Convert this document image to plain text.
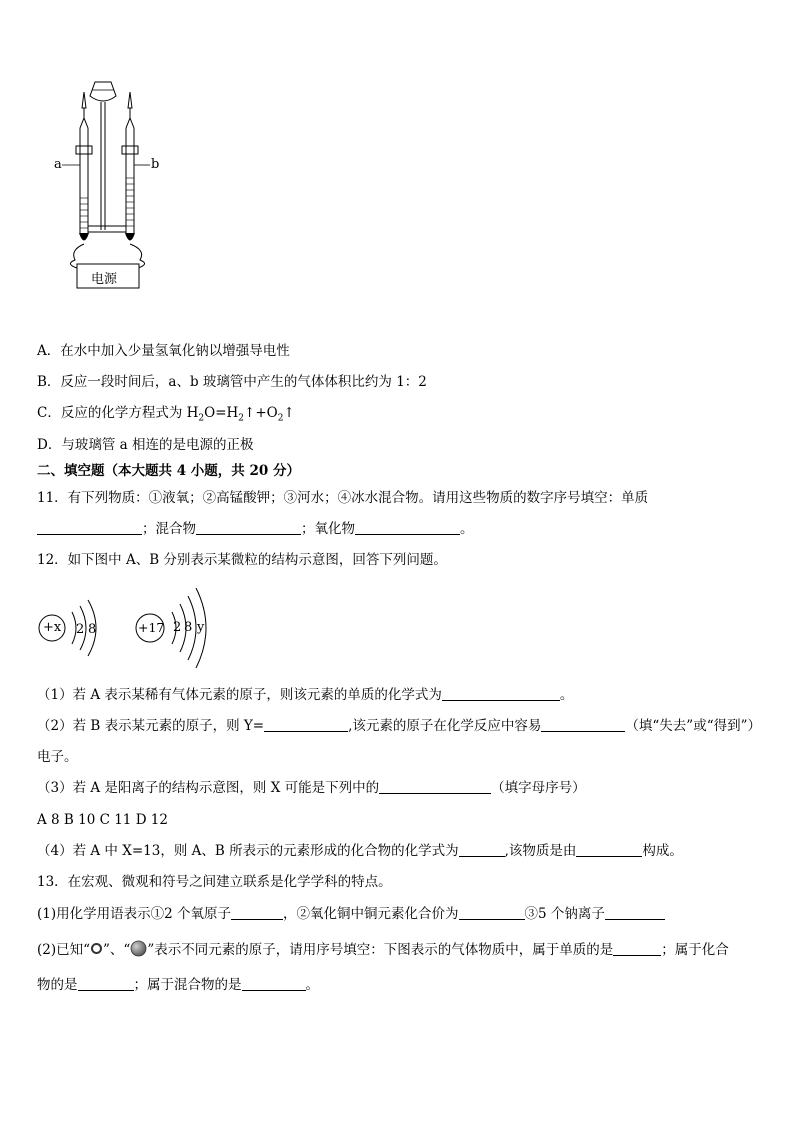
a	b
电源
A．在水中加入少量氢氧化钠以增强导电性
B．反应一段时间后，a、b 玻璃管中产生的气体体积比约为 1：2
C．反应的化学方程式为 $H_2O=H_2↑+O_2↑$
D．与玻璃管 a 相连的是电源的正极
二、填空题（本大题共 4 小题，共 20 分）
11．有下列物质：①液氧；②高锰酸钾；③河水；④冰水混合物。请用这些物质的数字序号填空：单质
；混合物	；氧化物	。
12．如下图中 A、B 分别表示某微粒的结构示意图，回答下列问题。
+x 2 8	+17 2 8 y
（1）若 A 表示某稀有气体元素的原子，则该元素的单质的化学式为	。
（2）若 B 表示某元素的原子，则 Y=	,该元素的原子在化学反应中容易	（填“失去”或“得到”）
电子。
（3）若 A 是阳离子的结构示意图，则 X 可能是下列中的	（填字母序号）
A 8 B 10 C 11 D 12
（4）若 A 中 X=13，则 A、B 所表示的元素形成的化合物的化学式为	,该物质是由	构成。
13．在宏观、微观和符号之间建立联系是化学学科的特点。
(1)用化学用语表示①2 个氧原子	，②氧化铜中铜元素化合价为	③5 个钠离子
(2)已知“ ”、“ ”表示不同元素的原子，请用序号填空：下图表示的气体物质中，属于单质的是	；属于化合
物的是	；属于混合物的是	。
